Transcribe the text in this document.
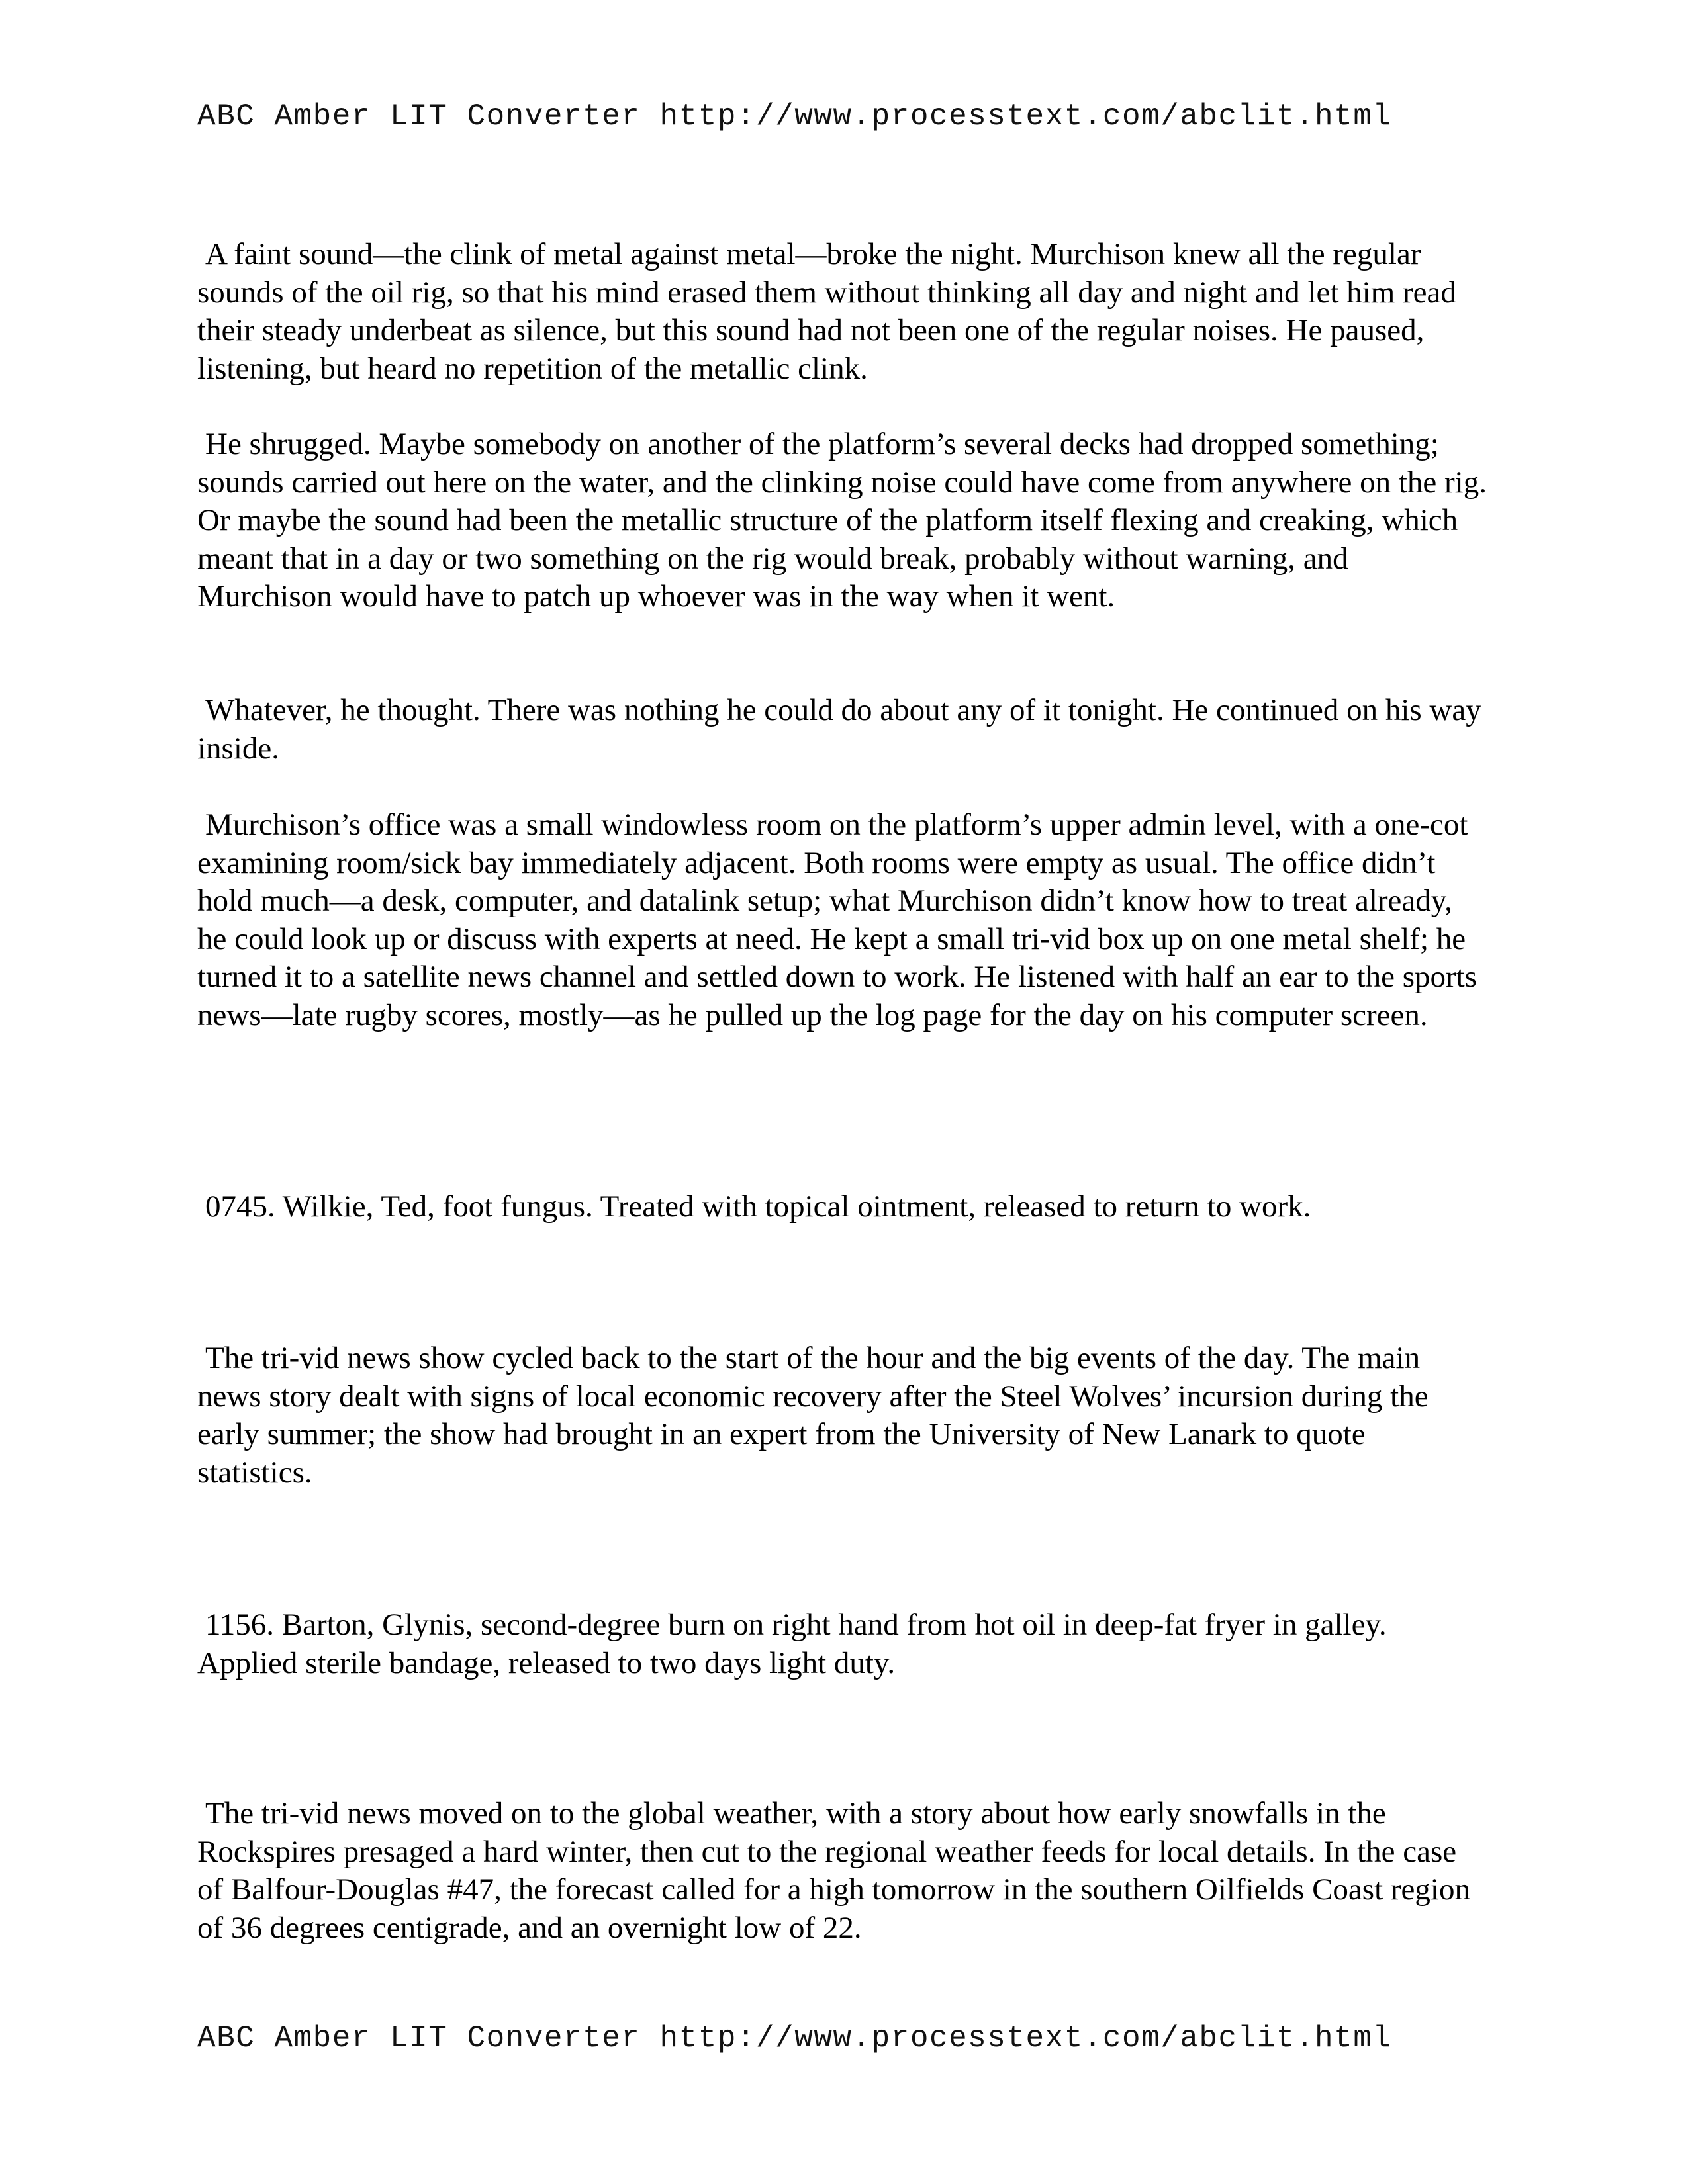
ABC Amber LIT Converter http://www.processtext.com/abclit.html
A faint sound—the clink of metal against metal—broke the night. Murchison knew all the regular sounds of the oil rig, so that his mind erased them without thinking all day and night and let him read their steady underbeat as silence, but this sound had not been one of the regular noises. He paused, listening, but heard no repetition of the metallic clink.
He shrugged. Maybe somebody on another of the platform’s several decks had dropped something; sounds carried out here on the water, and the clinking noise could have come from anywhere on the rig. Or maybe the sound had been the metallic structure of the platform itself flexing and creaking, which meant that in a day or two something on the rig would break, probably without warning, and Murchison would have to patch up whoever was in the way when it went.
Whatever, he thought. There was nothing he could do about any of it tonight. He continued on his way inside.
Murchison’s office was a small windowless room on the platform’s upper admin level, with a one-cot examining room/sick bay immediately adjacent. Both rooms were empty as usual. The office didn’t hold much—a desk, computer, and datalink setup; what Murchison didn’t know how to treat already, he could look up or discuss with experts at need. He kept a small tri-vid box up on one metal shelf; he turned it to a satellite news channel and settled down to work. He listened with half an ear to the sports news—late rugby scores, mostly—as he pulled up the log page for the day on his computer screen.
0745. Wilkie, Ted, foot fungus. Treated with topical ointment, released to return to work.
The tri-vid news show cycled back to the start of the hour and the big events of the day. The main news story dealt with signs of local economic recovery after the Steel Wolves’ incursion during the early summer; the show had brought in an expert from the University of New Lanark to quote statistics.
1156. Barton, Glynis, second-degree burn on right hand from hot oil in deep-fat fryer in galley. Applied sterile bandage, released to two days light duty.
The tri-vid news moved on to the global weather, with a story about how early snowfalls in the Rockspires presaged a hard winter, then cut to the regional weather feeds for local details. In the case of Balfour-Douglas #47, the forecast called for a high tomorrow in the southern Oilfields Coast region of 36 degrees centigrade, and an overnight low of 22.
ABC Amber LIT Converter http://www.processtext.com/abclit.html
